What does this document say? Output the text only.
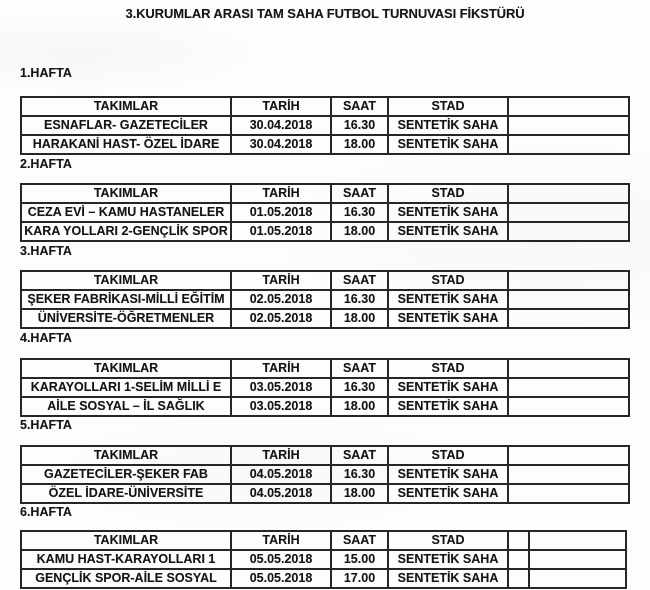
3.KURUMLAR ARASI TAM SAHA FUTBOL TURNUVASI FİKSTÜRÜ
1.HAFTA
TAKIMLAR	TARİH	SAAT	STAD	
ESNAFLAR- GAZETECİLER	30.04.2018	16.30	SENTETİK SAHA	
HARAKANİ HAST- ÖZEL İDARE	30.04.2018	18.00	SENTETİK SAHA	
2.HAFTA
TAKIMLAR	TARİH	SAAT	STAD	
CEZA EVİ – KAMU HASTANELER	01.05.2018	16.30	SENTETİK SAHA	
KARA YOLLARI 2-GENÇLİK SPOR	01.05.2018	18.00	SENTETİK SAHA	
3.HAFTA
TAKIMLAR	TARİH	SAAT	STAD	
ŞEKER FABRİKASI-MİLLİ EĞİTİM	02.05.2018	16.30	SENTETİK SAHA	
ÜNİVERSİTE-ÖĞRETMENLER	02.05.2018	18.00	SENTETİK SAHA	
4.HAFTA
TAKIMLAR	TARİH	SAAT	STAD	
KARAYOLLARI 1-SELİM MİLLİ E	03.05.2018	16.30	SENTETİK SAHA	
AİLE SOSYAL – İL SAĞLIK	03.05.2018	18.00	SENTETİK SAHA	
5.HAFTA
TAKIMLAR	TARİH	SAAT	STAD	
GAZETECİLER-ŞEKER FAB	04.05.2018	16.30	SENTETİK SAHA	
ÖZEL İDARE-ÜNİVERSİTE	04.05.2018	18.00	SENTETİK SAHA	
6.HAFTA
TAKIMLAR	TARİH	SAAT	STAD		
KAMU HAST-KARAYOLLARI 1	05.05.2018	15.00	SENTETİK SAHA		
GENÇLİK SPOR-AİLE SOSYAL	05.05.2018	17.00	SENTETİK SAHA		
